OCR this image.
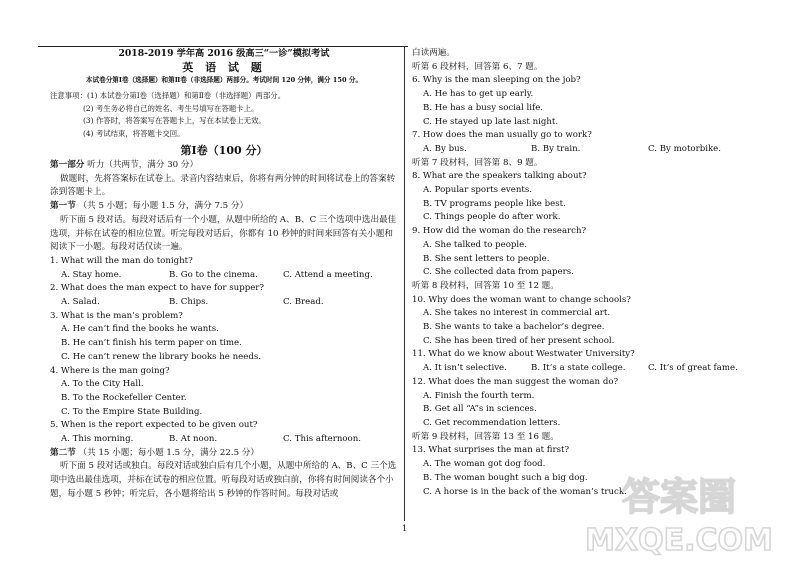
2018-2019 学年高 2016 级高三“一诊”模拟考试
英 语 试 题
本试卷分第Ⅰ卷（选择题）和第Ⅱ卷（非选择题）两部分。考试时间 120 分钟，满分 150 分。
注意事项：(1) 本试卷分第Ⅰ卷（选择题）和第Ⅱ卷（非选择题）两部分。
(2) 考生务必将自己的姓名、考生号填写在答题卡上。
(3) 作答时，将答案写在答题卡上，写在本试卷上无效。
(4) 考试结束，将答题卡交回。
第Ⅰ卷（100 分）
第一部分 听力（共两节，满分 30 分）
做题时，先将答案标在试卷上。录音内容结束后，你将有两分钟的时间将试卷上的答案转涂到答题卡上。
第一节 （共 5 小题；每小题 1.5 分，满分 7.5 分）
听下面 5 段对话。每段对话后有一个小题，从题中所给的 A、B、C 三个选项中选出最佳选项，并标在试卷的相应位置。听完每段对话后，你都有 10 秒钟的时间来回答有关小题和阅读下一小题。每段对话仅读一遍。
1. What will the man do tonight?
A. Stay home.	B. Go to the cinema.	C. Attend a meeting.
2. What does the man expect to have for supper?
A. Salad.	B. Chips.	C. Bread.
3. What is the man’s problem?
A. He can’t find the books he wants.
B. He can’t finish his term paper on time.
C. He can’t renew the library books he needs.
4. Where is the man going?
A. To the City Hall.
B. To the Rockefeller Center.
C. To the Empire State Building.
5. When is the report expected to be given out?
A. This morning.	B. At noon.	C. This afternoon.
第二节 （共 15 小题；每小题 1.5 分，满分 22.5 分）
听下面 5 段对话或独白。每段对话或独白后有几个小题，从题中所给的 A、B、C 三个选项中选出最佳选项，并标在试卷的相应位置。听每段对话或独白前，你将有时间阅读各个小题，每小题 5 秒钟；听完后，各小题将给出 5 秒钟的作答时间。每段对话或
白读两遍。
听第 6 段材料，回答第 6、7 题。
6. Why is the man sleeping on the job?
A. He has to get up early.
B. He has a busy social life.
C. He stayed up late last night.
7. How does the man usually go to work?
A. By bus.	B. By train.	C. By motorbike.
听第 7 段材料，回答第 8、9 题。
8. What are the speakers talking about?
A. Popular sports events.
B. TV programs people like best.
C. Things people do after work.
9. How did the woman do the research?
A. She talked to people.
B. She sent letters to people.
C. She collected data from papers.
听第 8 段材料，回答第 10 至 12 题。
10. Why does the woman want to change schools?
A. She takes no interest in commercial art.
B. She wants to take a bachelor’s degree.
C. She has been tired of her present school.
11. What do we know about Westwater University?
A. It isn’t selective.	B. It’s a state college.	C. It’s of great fame.
12. What does the man suggest the woman do?
A. Finish the fourth term.
B. Get all “A”s in sciences.
C. Get recommendation letters.
听第 9 段材料，回答第 13 至 16 题。
13. What surprises the man at first?
A. The woman got dog food.
B. The woman bought such a big dog.
C. A horse is in the back of the woman’s truck.
1
答案圈
MXQE.COM
